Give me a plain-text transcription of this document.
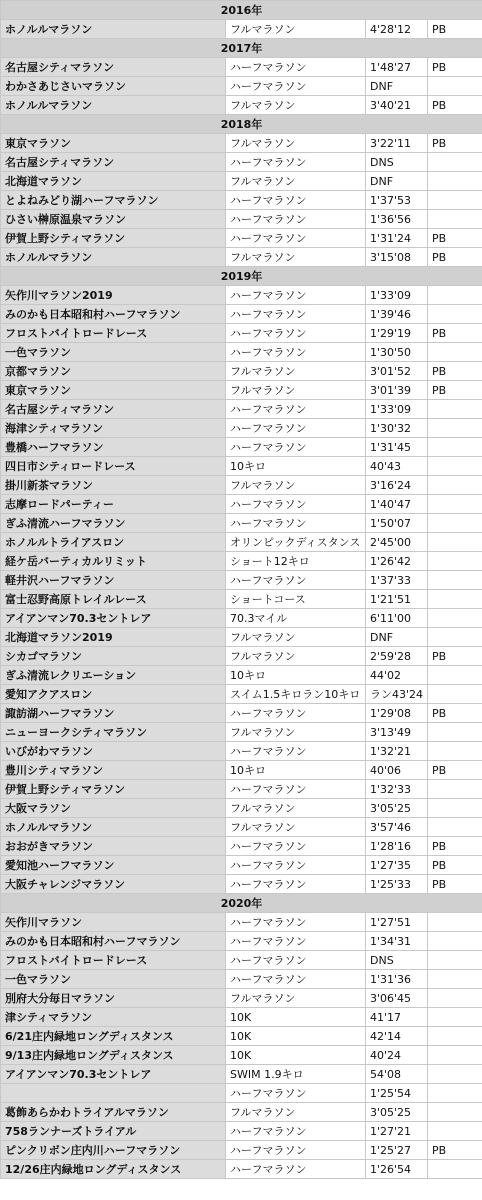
2016年			
ホノルルマラソン	フルマラソン	4'28'12	PB
2017年			
名古屋シティマラソン	ハーフマラソン	1'48'27	PB
わかさあじさいマラソン	ハーフマラソン	DNF	
ホノルルマラソン	フルマラソン	3'40'21	PB
2018年			
東京マラソン	フルマラソン	3'22'11	PB
名古屋シティマラソン	ハーフマラソン	DNS	
北海道マラソン	フルマラソン	DNF	
とよねみどり湖ハーフマラソン	ハーフマラソン	1'37'53	
ひさい榊原温泉マラソン	ハーフマラソン	1'36'56	
伊賀上野シティマラソン	ハーフマラソン	1'31'24	PB
ホノルルマラソン	フルマラソン	3'15'08	PB
2019年			
矢作川マラソン2019	ハーフマラソン	1'33'09	
みのかも日本昭和村ハーフマラソン	ハーフマラソン	1'39'46	
フロストバイトロードレース	ハーフマラソン	1'29'19	PB
一色マラソン	ハーフマラソン	1'30'50	
京都マラソン	フルマラソン	3'01'52	PB
東京マラソン	フルマラソン	3'01'39	PB
名古屋シティマラソン	ハーフマラソン	1'33'09	
海津シティマラソン	ハーフマラソン	1'30'32	
豊橋ハーフマラソン	ハーフマラソン	1'31'45	
四日市シティロードレース	10キロ	40'43	
掛川新茶マラソン	フルマラソン	3'16'24	
志摩ロードパーティー	ハーフマラソン	1'40'47	
ぎふ清流ハーフマラソン	ハーフマラソン	1'50'07	
ホノルルトライアスロン	オリンピックディスタンス	2'45'00	
経ケ岳バーティカルリミット	ショート12キロ	1'26'42	
軽井沢ハーフマラソン	ハーフマラソン	1'37'33	
富士忍野高原トレイルレース	ショートコース	1'21'51	
アイアンマン70.3セントレア	70.3マイル	6'11'00	
北海道マラソン2019	フルマラソン	DNF	
シカゴマラソン	フルマラソン	2'59'28	PB
ぎふ清流レクリエーション	10キロ	44'02	
愛知アクアスロン	スイム1.5キロラン10キロ	ラン43'24	
諏訪湖ハーフマラソン	ハーフマラソン	1'29'08	PB
ニューヨークシティマラソン	フルマラソン	3'13'49	
いびがわマラソン	ハーフマラソン	1'32'21	
豊川シティマラソン	10キロ	40'06	PB
伊賀上野シティマラソン	ハーフマラソン	1'32'33	
大阪マラソン	フルマラソン	3'05'25	
ホノルルマラソン	フルマラソン	3'57'46	
おおがきマラソン	ハーフマラソン	1'28'16	PB
愛知池ハーフマラソン	ハーフマラソン	1'27'35	PB
大阪チャレンジマラソン	ハーフマラソン	1'25'33	PB
2020年			
矢作川マラソン	ハーフマラソン	1'27'51	
みのかも日本昭和村ハーフマラソン	ハーフマラソン	1'34'31	
フロストバイトロードレース	ハーフマラソン	DNS	
一色マラソン	ハーフマラソン	1'31'36	
別府大分毎日マラソン	フルマラソン	3'06'45	
津シティマラソン	10K	41'17	
6/21庄内緑地ロングディスタンス	10K	42'14	
9/13庄内緑地ロングディスタンス	10K	40'24	
アイアンマン70.3セントレア	SWIM 1.9キロ	54'08	
	ハーフマラソン	1'25'54	
葛飾あらかわトライアルマラソン	フルマラソン	3'05'25	
758ランナーズトライアル	ハーフマラソン	1'27'21	
ピンクリボン庄内川ハーフマラソン	ハーフマラソン	1'25'27	PB
12/26庄内緑地ロングディスタンス	ハーフマラソン	1'26'54	
